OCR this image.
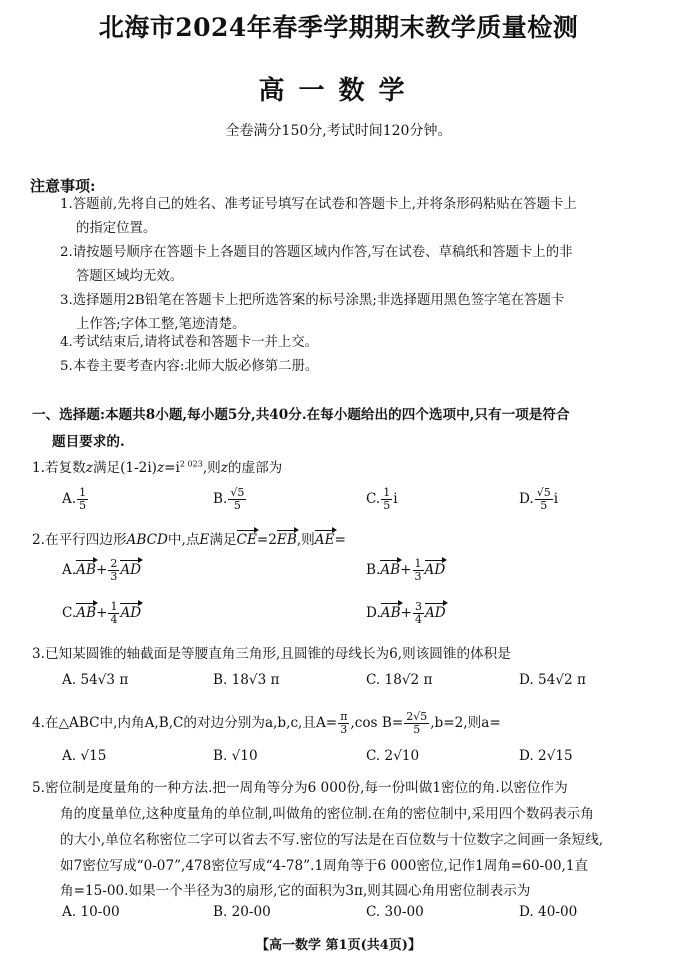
北海市2024年春季学期期末教学质量检测
高一数学
全卷满分150分,考试时间120分钟。
注意事项:
1.答题前,先将自己的姓名、准考证号填写在试卷和答题卡上,并将条形码粘贴在答题卡上
的指定位置。
2.请按题号顺序在答题卡上各题目的答题区域内作答,写在试卷、草稿纸和答题卡上的非
答题区域均无效。
3.选择题用2B铅笔在答题卡上把所选答案的标号涂黑;非选择题用黑色签字笔在答题卡
上作答;字体工整,笔迹清楚。
4.考试结束后,请将试卷和答题卡一并上交。
5.本卷主要考查内容:北师大版必修第二册。
一、选择题:本题共8小题,每小题5分,共40分.在每小题给出的四个选项中,只有一项是符合
题目要求的.
1.若复数z满足$(1-2i)z=i^{2 023}$,则z的虚部为
A. $\frac{1}{5}$	B. $\frac{√5}{5}$	C. $\frac{1}{5}$ i	D. $\frac{√5}{5}$ i
2.在平行四边形ABCD中,点E满足CE=2EB,则AE=
$A.AB+ \frac{2}{3}$ AD	$B.AB+ \frac{1}{3}$ AD
$C.AB+ \frac{1}{4}$ AD	$D.AB+ \frac{3}{4}$ AD
3.已知某圆锥的轴截面是等腰直角三角形,且圆锥的母线长为6,则该圆锥的体积是
A. 54√3 π	B. 18√3 π	C. 18√2 π	D. 54√2 π
4.在△ABC中,内角A,B,C的对边分别为a,b,c,且$A= \frac{\pi}{3} ,\cos$ $B= \frac{2√5}{5} ,b=2$,则a=
A. √15	B. √10	C. 2√10	D. 2√15
5.密位制是度量角的一种方法.把一周角等分为6 000份,每一份叫做1密位的角.以密位作为
角的度量单位,这种度量角的单位制,叫做角的密位制.在角的密位制中,采用四个数码表示角
的大小,单位名称密位二字可以省去不写.密位的写法是在百位数与十位数字之间画一条短线,
如7密位写成“0-07”,478密位写成“4-78”.1周角等于6 000密位,记作1周角=60-00,1直
角=15-00.如果一个半径为3的扇形,它的面积为3π,则其圆心角用密位制表示为
A. 10-00	B. 20-00	C. 30-00	D. 40-00
【高一数学 第1页(共4页)】
